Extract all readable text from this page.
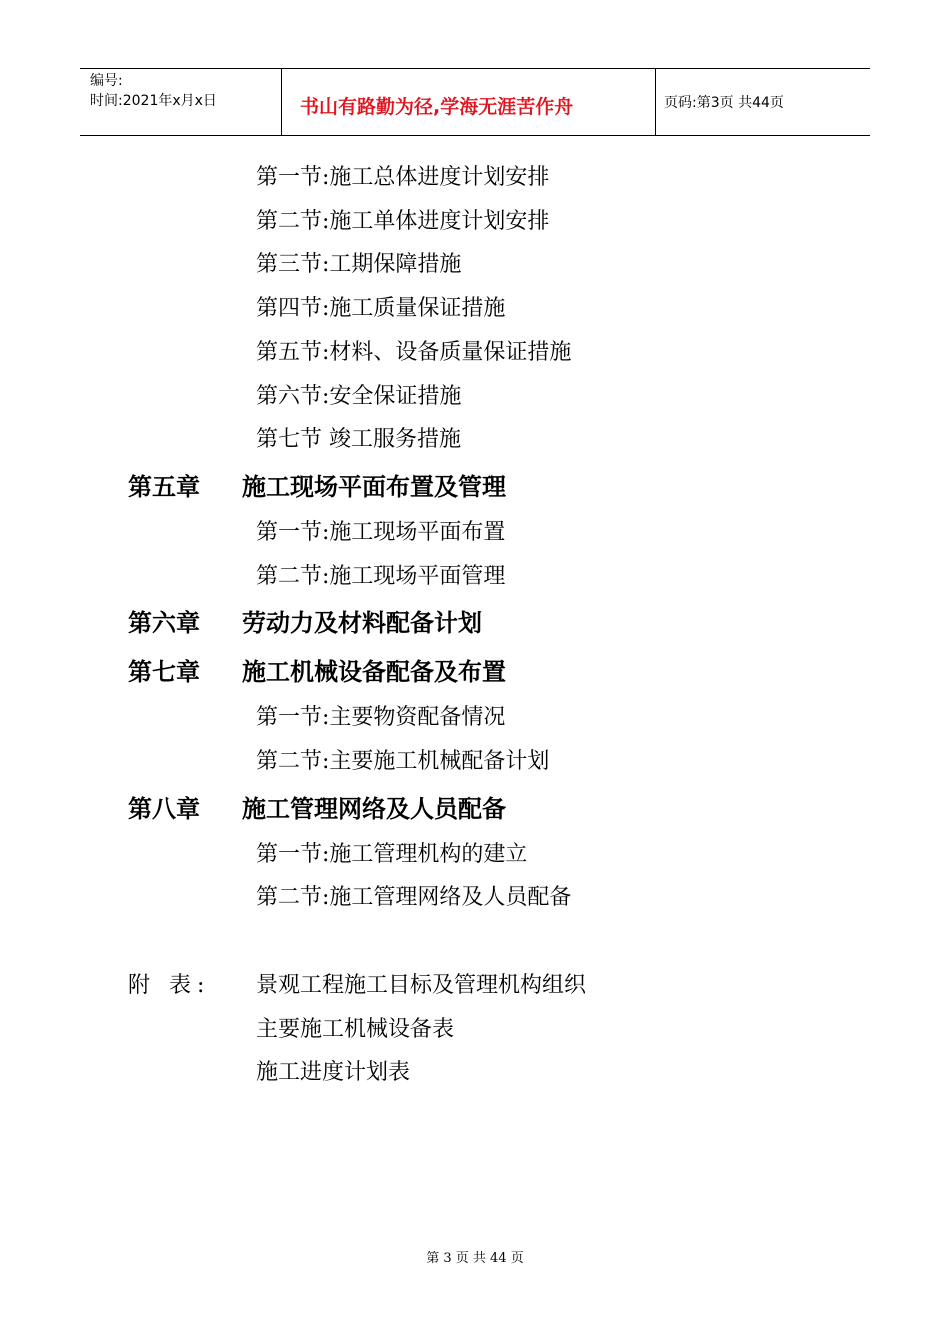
编号:
时间:2021年x月x日	书山有路勤为径,学海无涯苦作舟	页码:第3页 共44页
第一节:施工总体进度计划安排
第二节:施工单体进度计划安排
第三节:工期保障措施
第四节:施工质量保证措施
第五节:材料、设备质量保证措施
第六节:安全保证措施
第七节 竣工服务措施
第五章 施工现场平面布置及管理
第一节:施工现场平面布置
第二节:施工现场平面管理
第六章 劳动力及材料配备计划
第七章 施工机械设备配备及布置
第一节:主要物资配备情况
第二节:主要施工机械配备计划
第八章 施工管理网络及人员配备
第一节:施工管理机构的建立
第二节:施工管理网络及人员配备
附 表: 景观工程施工目标及管理机构组织
主要施工机械设备表
施工进度计划表
第 3 页 共 44 页
